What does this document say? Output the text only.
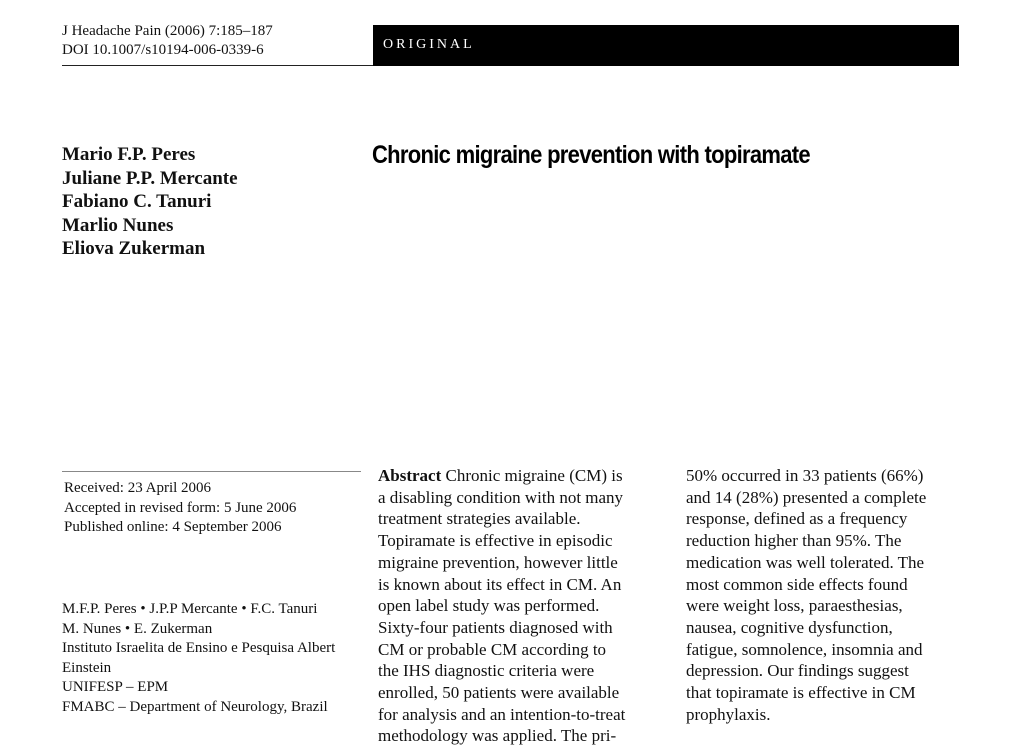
J Headache Pain (2006) 7:185–187
DOI 10.1007/s10194-006-0339-6	ORIGINAL
Mario F.P. Peres
Juliane P.P. Mercante
Fabiano C. Tanuri
Marlio Nunes
Eliova Zukerman
Chronic migraine prevention with topiramate
Received: 23 April 2006
Accepted in revised form: 5 June 2006
Published online: 4 September 2006
M.F.P. Peres • J.P.P Mercante • F.C. Tanuri
M. Nunes • E. Zukerman
Instituto Israelita de Ensino e Pesquisa Albert
Einstein
UNIFESP – EPM
FMABC – Department of Neurology, Brazil
Abstract Chronic migraine (CM) is
a disabling condition with not many
treatment strategies available.
Topiramate is effective in episodic
migraine prevention, however little
is known about its effect in CM. An
open label study was performed.
Sixty-four patients diagnosed with
CM or probable CM according to
the IHS diagnostic criteria were
enrolled, 50 patients were available
for analysis and an intention-to-treat
methodology was applied. The pri-
50% occurred in 33 patients (66%)
and 14 (28%) presented a complete
response, defined as a frequency
reduction higher than 95%. The
medication was well tolerated. The
most common side effects found
were weight loss, paraesthesias,
nausea, cognitive dysfunction,
fatigue, somnolence, insomnia and
depression. Our findings suggest
that topiramate is effective in CM
prophylaxis.
